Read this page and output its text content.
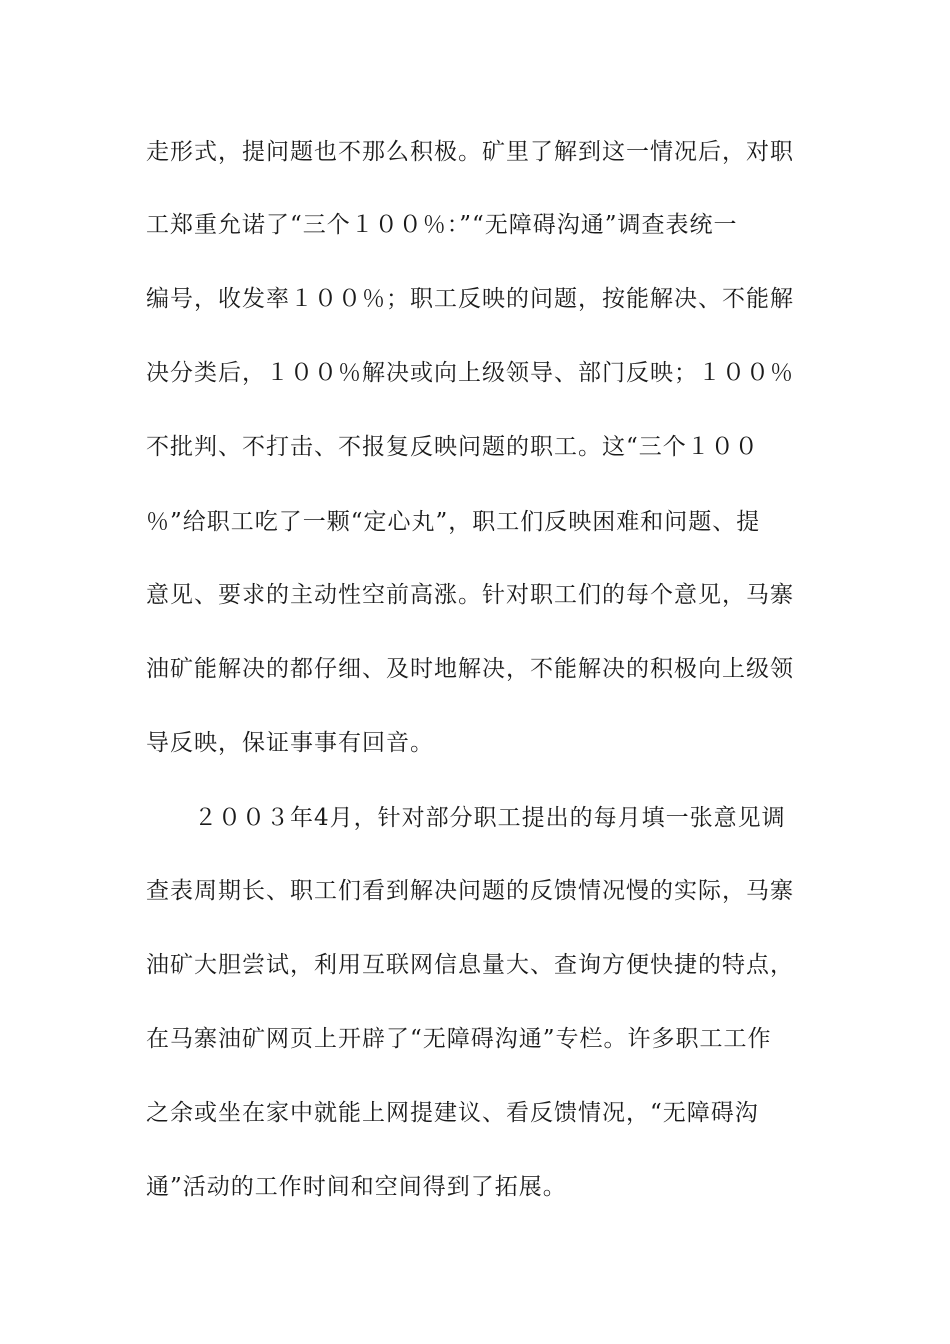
走形式，提问题也不那么积极。矿里了解到这一情况后，对职
工郑重允诺了“三个１００％：”“无障碍沟通”调查表统一
编号，收发率１００％；职工反映的问题，按能解决、不能解
决分类后，１００％解决或向上级领导、部门反映；１００％
不批判、不打击、不报复反映问题的职工。这“三个１００
％”给职工吃了一颗“定心丸”，职工们反映困难和问题、提
意见、要求的主动性空前高涨。针对职工们的每个意见，马寨
油矿能解决的都仔细、及时地解决，不能解决的积极向上级领
导反映，保证事事有回音。
２００３年4月，针对部分职工提出的每月填一张意见调
查表周期长、职工们看到解决问题的反馈情况慢的实际，马寨
油矿大胆尝试，利用互联网信息量大、查询方便快捷的特点，
在马寨油矿网页上开辟了“无障碍沟通”专栏。许多职工工作
之余或坐在家中就能上网提建议、看反馈情况，“无障碍沟
通”活动的工作时间和空间得到了拓展。
